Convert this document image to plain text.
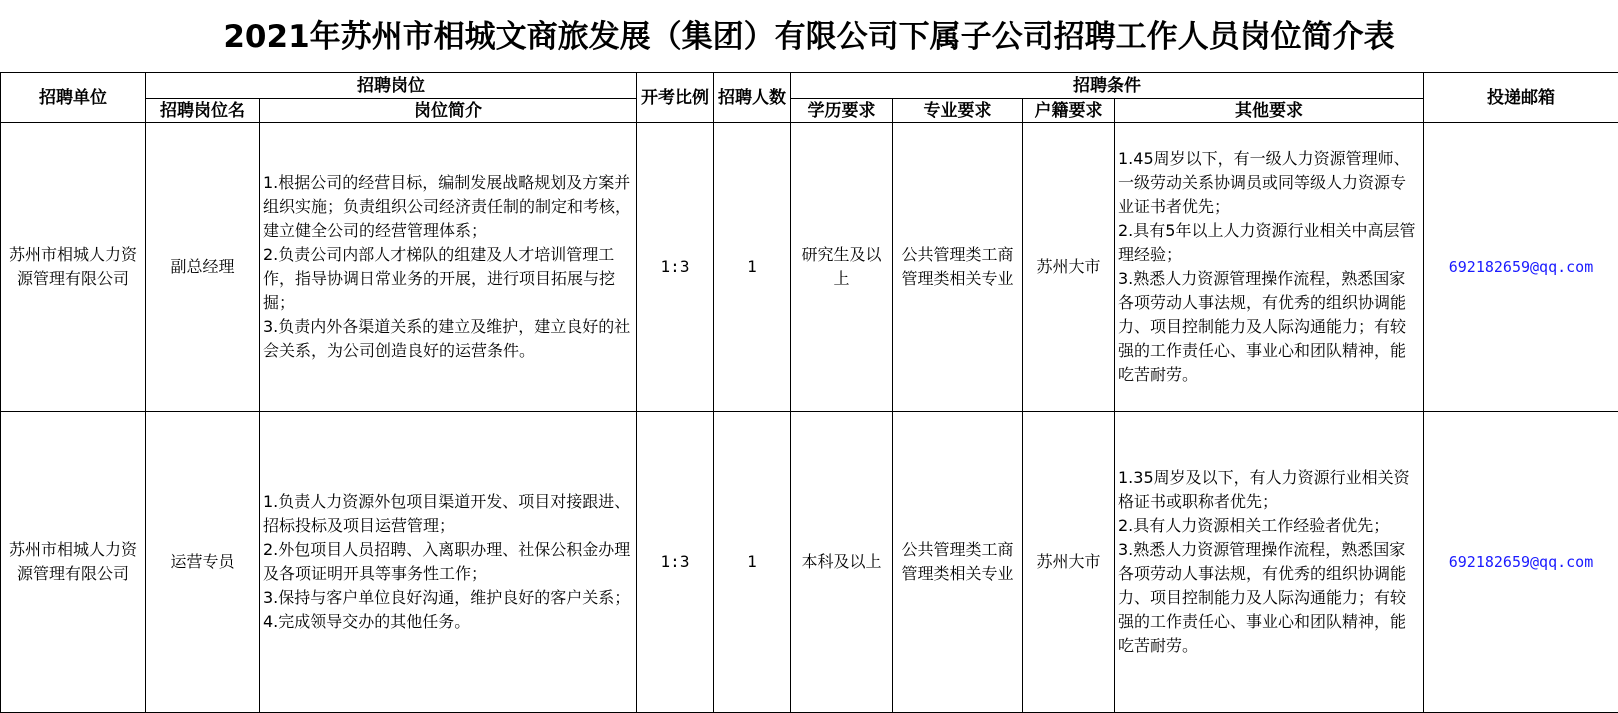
2021年苏州市相城文商旅发展（集团）有限公司下属子公司招聘工作人员岗位简介表
招聘单位	招聘岗位		开考比例	招聘人数	招聘条件				投递邮箱
	招聘岗位名	岗位简介			学历要求	专业要求	户籍要求	其他要求	
苏州市相城人力资源管理有限公司	副总经理	1.根据公司的经营目标，编制发展战略规划及方案并组织实施；负责组织公司经济责任制的制定和考核，建立健全公司的经营管理体系；
2.负责公司内部人才梯队的组建及人才培训管理工作，指导协调日常业务的开展，进行项目拓展与挖掘；
3.负责内外各渠道关系的建立及维护，建立良好的社会关系，为公司创造良好的运营条件。	1:3	1	研究生及以上	公共管理类工商管理类相关专业	苏州大市	1.45周岁以下，有一级人力资源管理师、一级劳动关系协调员或同等级人力资源专业证书者优先；
2.具有5年以上人力资源行业相关中高层管理经验；
3.熟悉人力资源管理操作流程，熟悉国家各项劳动人事法规，有优秀的组织协调能力、项目控制能力及人际沟通能力；有较强的工作责任心、事业心和团队精神，能吃苦耐劳。	692182659@qq.com
苏州市相城人力资源管理有限公司	运营专员	1.负责人力资源外包项目渠道开发、项目对接跟进、招标投标及项目运营管理；
2.外包项目人员招聘、入离职办理、社保公积金办理及各项证明开具等事务性工作；
3.保持与客户单位良好沟通，维护良好的客户关系；
4.完成领导交办的其他任务。	1:3	1	本科及以上	公共管理类工商管理类相关专业	苏州大市	1.35周岁及以下，有人力资源行业相关资格证书或职称者优先；
2.具有人力资源相关工作经验者优先；
3.熟悉人力资源管理操作流程，熟悉国家各项劳动人事法规，有优秀的组织协调能力、项目控制能力及人际沟通能力；有较强的工作责任心、事业心和团队精神，能吃苦耐劳。	692182659@qq.com
